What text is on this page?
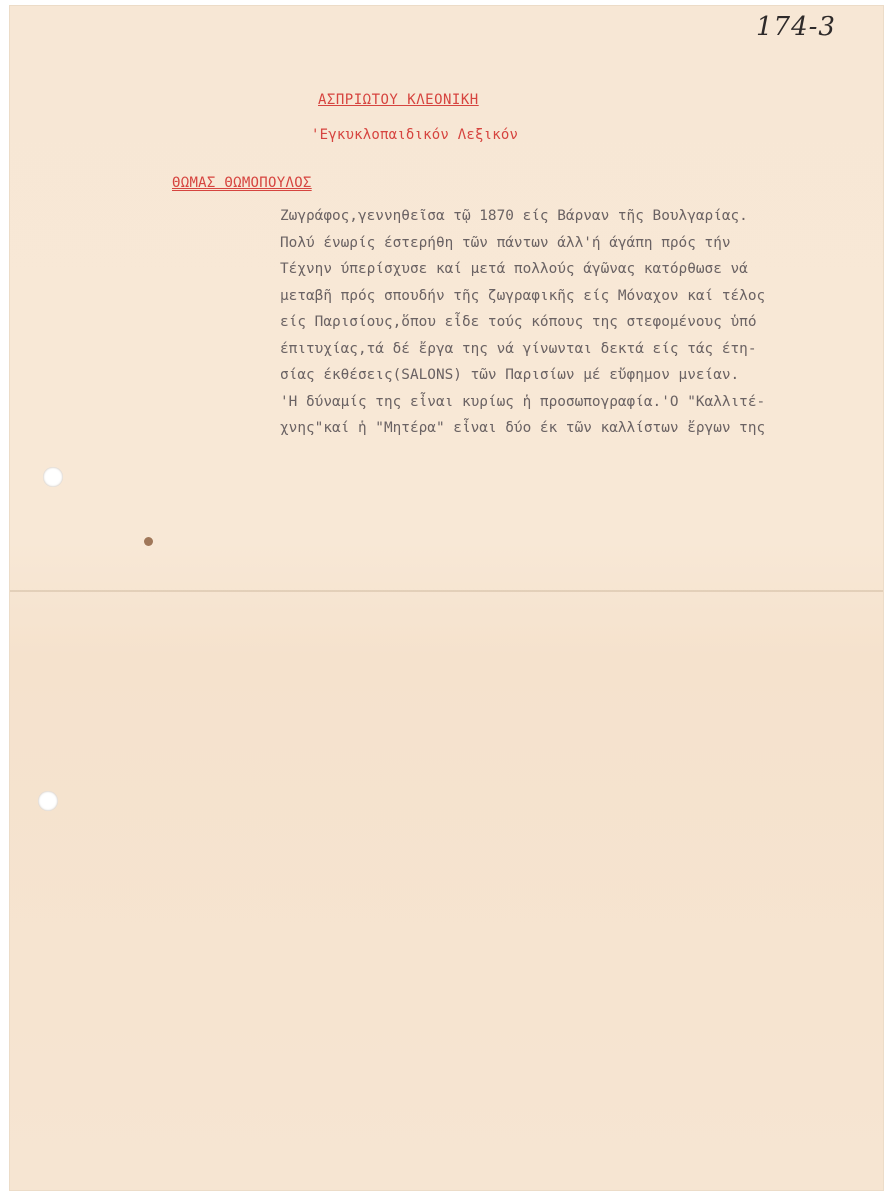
174-3
ΑΣΠΡΙΩΤΟΥ ΚΛΕΟΝΙΚΗ
'Εγκυκλοπαιδικόν Λεξικόν
ΘΩΜΑΣ ΘΩΜΟΠΟΥΛΟΣ
Ζωγράφος,γεννηθεῖσα τῷ 1870 είς Βάρναν τῆς Βουλγαρίας.
Πολύ ένωρίς έστερήθη τῶν πάντων άλλ'ή άγάπη πρός τήν
Τέχνην ύπερίσχυσε καί μετά πολλούς άγῶνας κατόρθωσε νά
μεταβῆ πρός σπουδήν τῆς ζωγραφικῆς είς Μόναχον καί τέλος
είς Παρισίους,ὅπου εἶδε τούς κόπους της στεφομένους ὑπό
έπιτυχίας,τά δέ ἔργα της νά γίνωνται δεκτά είς τάς έτη-
σίας έκθέσεις(SALONS) τῶν Παρισίων μέ εὔφημον μνείαν.
'Η δύναμίς της εἶναι κυρίως ἡ προσωπογραφία.'Ο "Καλλιτέ-
χνης"καί ἡ "Μητέρα" εἶναι δύο έκ τῶν καλλίστων ἔργων της
